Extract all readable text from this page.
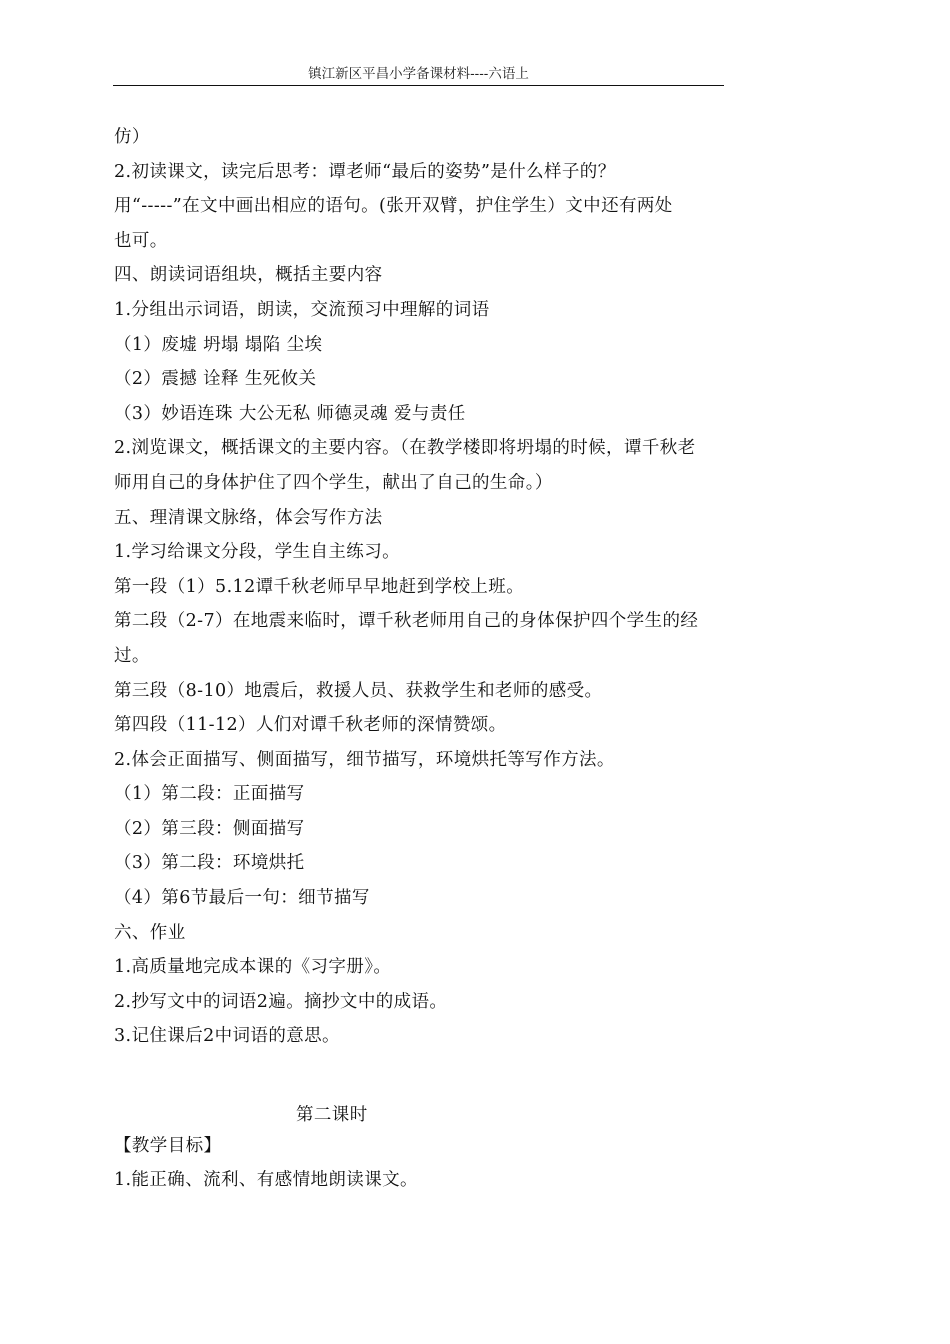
镇江新区平昌小学备课材料----六语上
仿）
2.初读课文，读完后思考：谭老师“最后的姿势”是什么样子的？
用“-----”在文中画出相应的语句。(张开双臂，护住学生）文中还有两处
也可。
四、朗读词语组块，概括主要内容
1.分组出示词语，朗读，交流预习中理解的词语
（1）废墟 坍塌 塌陷 尘埃
（2）震撼 诠释 生死攸关
（3）妙语连珠 大公无私 师德灵魂 爱与责任
2.浏览课文，概括课文的主要内容。（在教学楼即将坍塌的时候，谭千秋老
师用自己的身体护住了四个学生，献出了自己的生命。）
五、理清课文脉络，体会写作方法
1.学习给课文分段，学生自主练习。
第一段（1）5.12谭千秋老师早早地赶到学校上班。
第二段（2-7）在地震来临时，谭千秋老师用自己的身体保护四个学生的经
过。
第三段（8-10）地震后，救援人员、获救学生和老师的感受。
第四段（11-12）人们对谭千秋老师的深情赞颂。
2.体会正面描写、侧面描写，细节描写，环境烘托等写作方法。
（1）第二段：正面描写
（2）第三段：侧面描写
（3）第二段：环境烘托
（4）第6节最后一句：细节描写
六、作业
1.高质量地完成本课的《习字册》。
2.抄写文中的词语2遍。摘抄文中的成语。
3.记住课后2中词语的意思。
第二课时
【教学目标】
1.能正确、流利、有感情地朗读课文。
